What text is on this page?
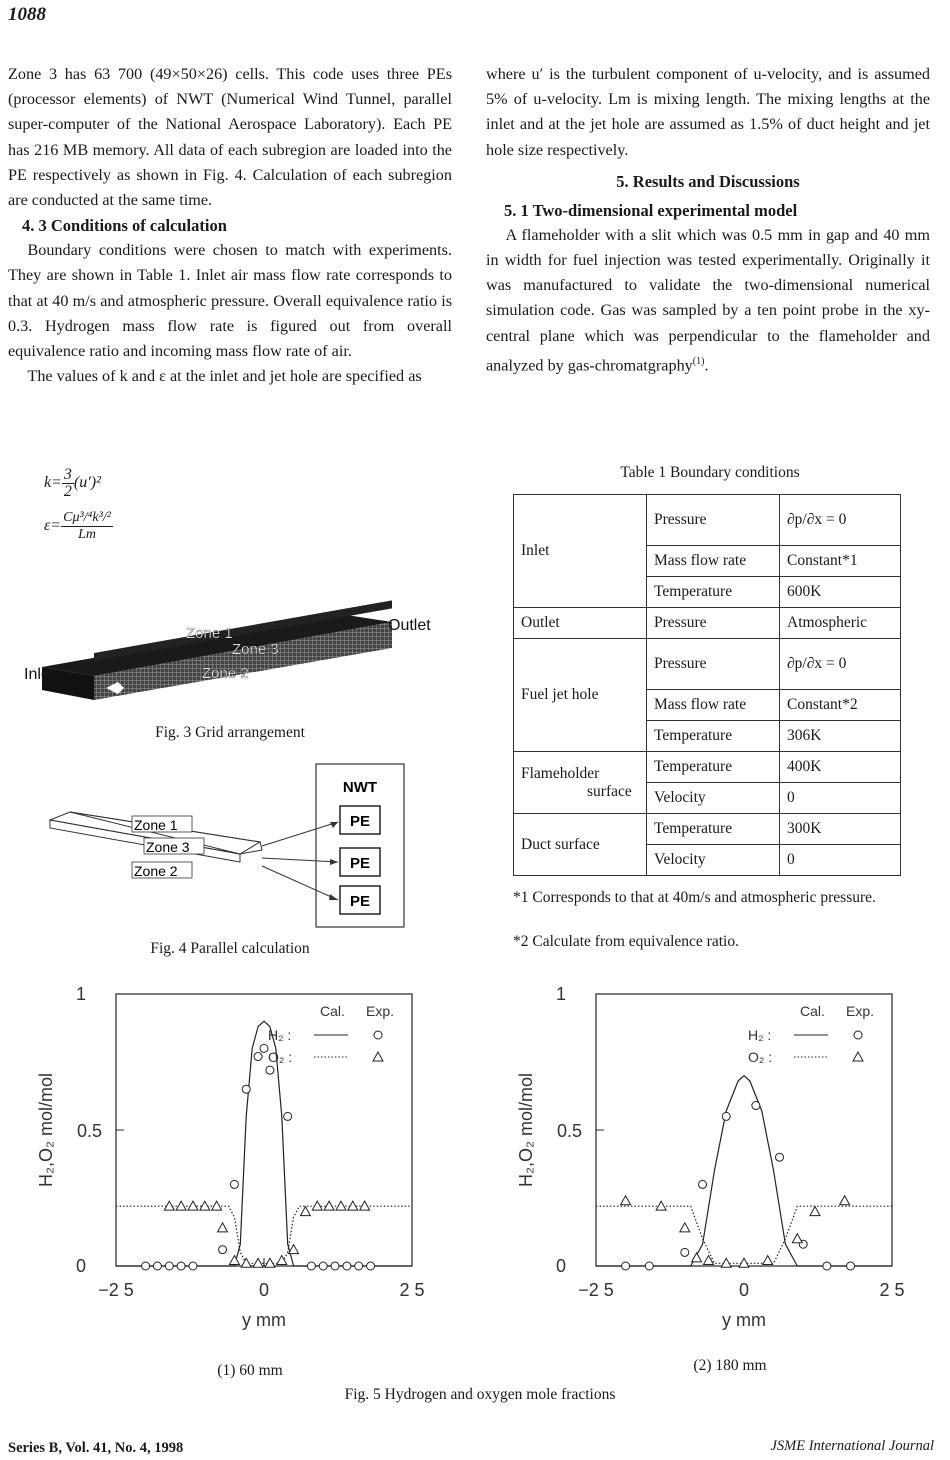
1088

Zone 3 has 63 700 (49×50×26) cells. This code uses three PEs (processor elements) of NWT (Numerical Wind Tunnel, parallel super-computer of the National Aerospace Laboratory). Each PE has 216 MB memory. All data of each subregion are loaded into the PE respectively as shown in Fig. 4. Calculation of each subregion are conducted at the same time.

4. 3 Conditions of calculation

Boundary conditions were chosen to match with experiments. They are shown in Table 1. Inlet air mass flow rate corresponds to that at 40 m/s and atmospheric pressure. Overall equivalence ratio is 0.3. Hydrogen mass flow rate is figured out from overall equivalence ratio and incoming mass flow rate of air.

The values of k and ε at the inlet and jet hole are specified as

$k= \frac{3}{2} (u')^2$
$\varepsilon= \frac{\text{Cμ³/⁴k³/²}}{Lm}$

where u′ is the turbulent component of u-velocity, and is assumed 5% of u-velocity. Lm is mixing length. The mixing lengths at the inlet and at the jet hole are assumed as 1.5% of duct height and jet hole size respectively.

5. Results and Discussions
5. 1 Two-dimensional experimental model

A flameholder with a slit which was 0.5 mm in gap and 40 mm in width for fuel injection was tested experimentally. Originally it was manufactured to validate the two-dimensional numerical simulation code. Gas was sampled by a ten point probe in the xy-central plane which was perpendicular to the flameholder and analyzed by gas-chromatgraphy$^{(1)}$.

Zone 1
Zone 3
Zone 2
Outlet
Inlet
Fig. 3 Grid arrangement
NWT
PE
PE
PE
Zone 1
Zone 3
Zone 2
Fig. 4 Parallel calculation
Table 1 Boundary conditions
Inlet	Pressure	∂p/∂x = 0
	Mass flow rate	Constant*1
	Temperature	600K
Outlet	Pressure	Atmospheric
Fuel jet hole	Pressure	∂p/∂x = 0
	Mass flow rate	Constant*2
	Temperature	306K
Flameholder
surface	Temperature	400K
	Velocity	0
Duct surface	Temperature	300K
	Velocity	0
*1 Corresponds to that at 40m/s and atmospheric pressure.
*2 Calculate from equivalence ratio.
1
0.5
0
−2 5	0	2 5
y mm
H₂,O₂ mol/mol
Cal. Exp.
H₂ :
O₂ :
1
0.5
0
−2 5	0	2 5
y mm
H₂,O₂ mol/mol
Cal. Exp.
H₂ :
O₂ :
(1) 60 mm	(2) 180 mm
Fig. 5 Hydrogen and oxygen mole fractions
Series B, Vol. 41, No. 4, 1998	JSME International Journal
